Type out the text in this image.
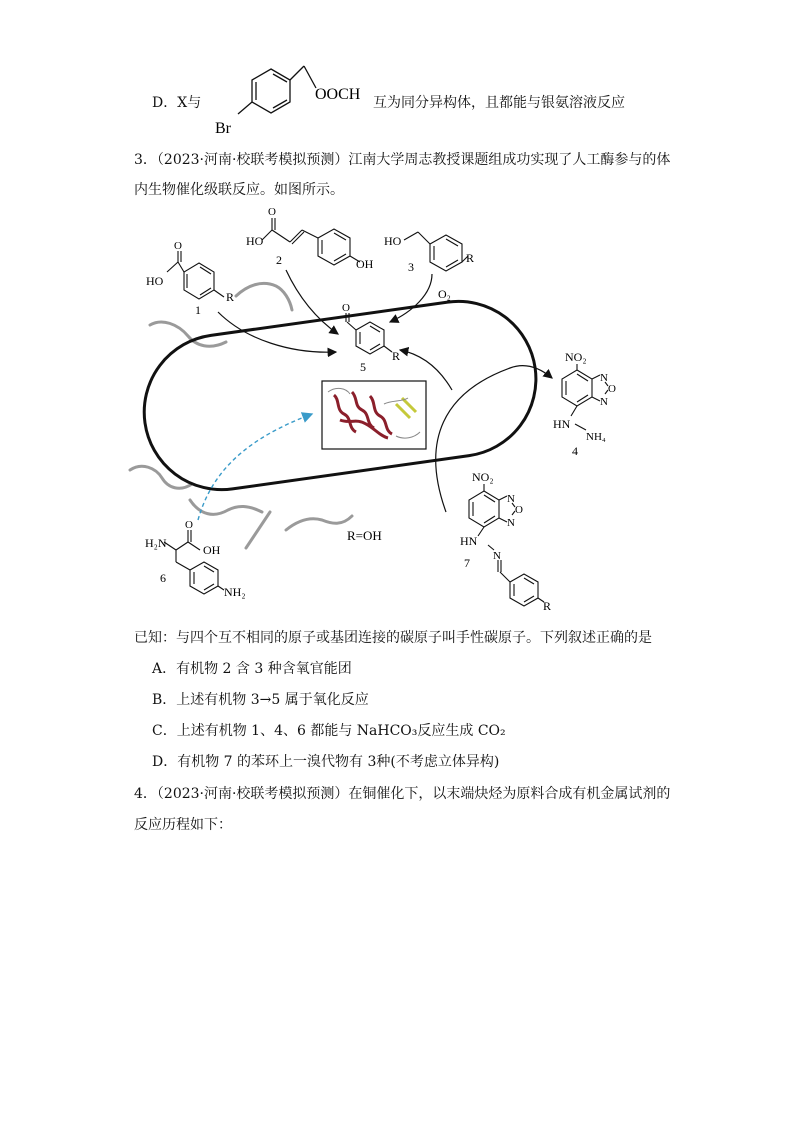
D．X与	OOCH
Br
互为同分异构体，且都能与银氨溶液反应
3．（2023·河南·校联考模拟预测）江南大学周志教授课题组成功实现了人工酶参与的体
内生物催化级联反应。如图所示。
O
HO
R
1
O
HO
OH
2
HO
R
3
O
R
5
NO₂
N
O
N
HN
NH₄
4
NO₂
N
O
N
HN
N
R
7
O
H₂N	OH
NH₂
6
R=OH
O₂
已知：与四个互不相同的原子或基团连接的碳原子叫手性碳原子。下列叙述正确的是
A．有机物 2 含 3 种含氧官能团
B．上述有机物 3→5 属于氧化反应
C．上述有机物 1、4、6 都能与 NaHCO₃反应生成 CO₂
D．有机物 7 的苯环上一溴代物有 3种(不考虑立体异构)
4．（2023·河南·校联考模拟预测）在铜催化下，以末端炔烃为原料合成有机金属试剂的
反应历程如下：
